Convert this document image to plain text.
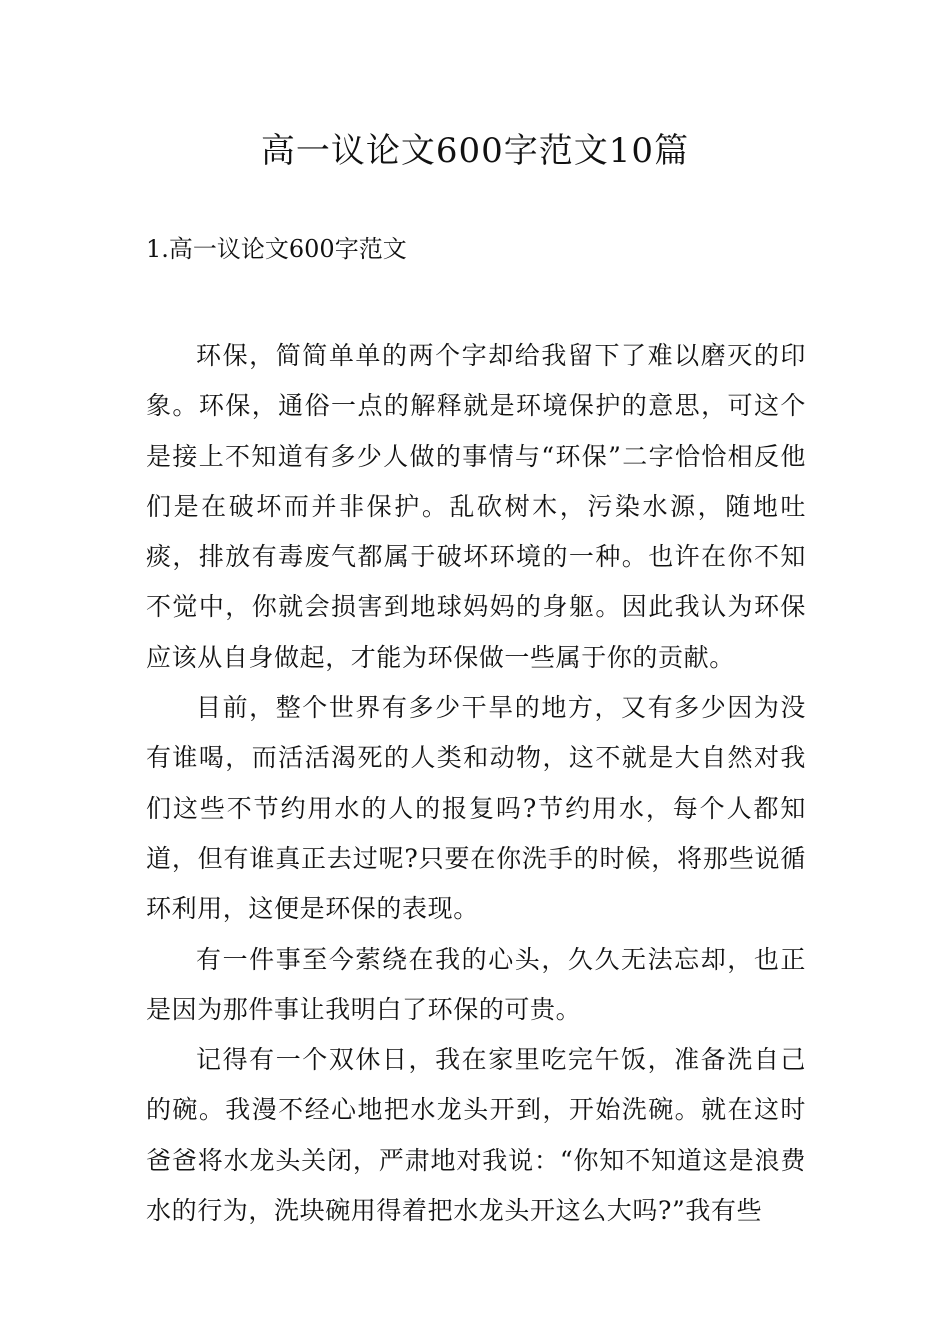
高一议论文600字范文10篇
1.高一议论文600字范文

环保，简简单单的两个字却给我留下了难以磨灭的印象。环保，通俗一点的解释就是环境保护的意思，可这个是接上不知道有多少人做的事情与“环保”二字恰恰相反他们是在破坏而并非保护。乱砍树木，污染水源，随地吐痰，排放有毒废气都属于破坏环境的一种。也许在你不知不觉中，你就会损害到地球妈妈的身躯。因此我认为环保应该从自身做起，才能为环保做一些属于你的贡献。

目前，整个世界有多少干旱的地方，又有多少因为没有谁喝，而活活渴死的人类和动物，这不就是大自然对我们这些不节约用水的人的报复吗?节约用水，每个人都知道，但有谁真正去过呢?只要在你洗手的时候，将那些说循环利用，这便是环保的表现。

有一件事至今萦绕在我的心头，久久无法忘却，也正是因为那件事让我明白了环保的可贵。

记得有一个双休日，我在家里吃完午饭，准备洗自己的碗。我漫不经心地把水龙头开到，开始洗碗。就在这时爸爸将水龙头关闭，严肃地对我说：“你知不知道这是浪费水的行为，洗块碗用得着把水龙头开这么大吗?”我有些
